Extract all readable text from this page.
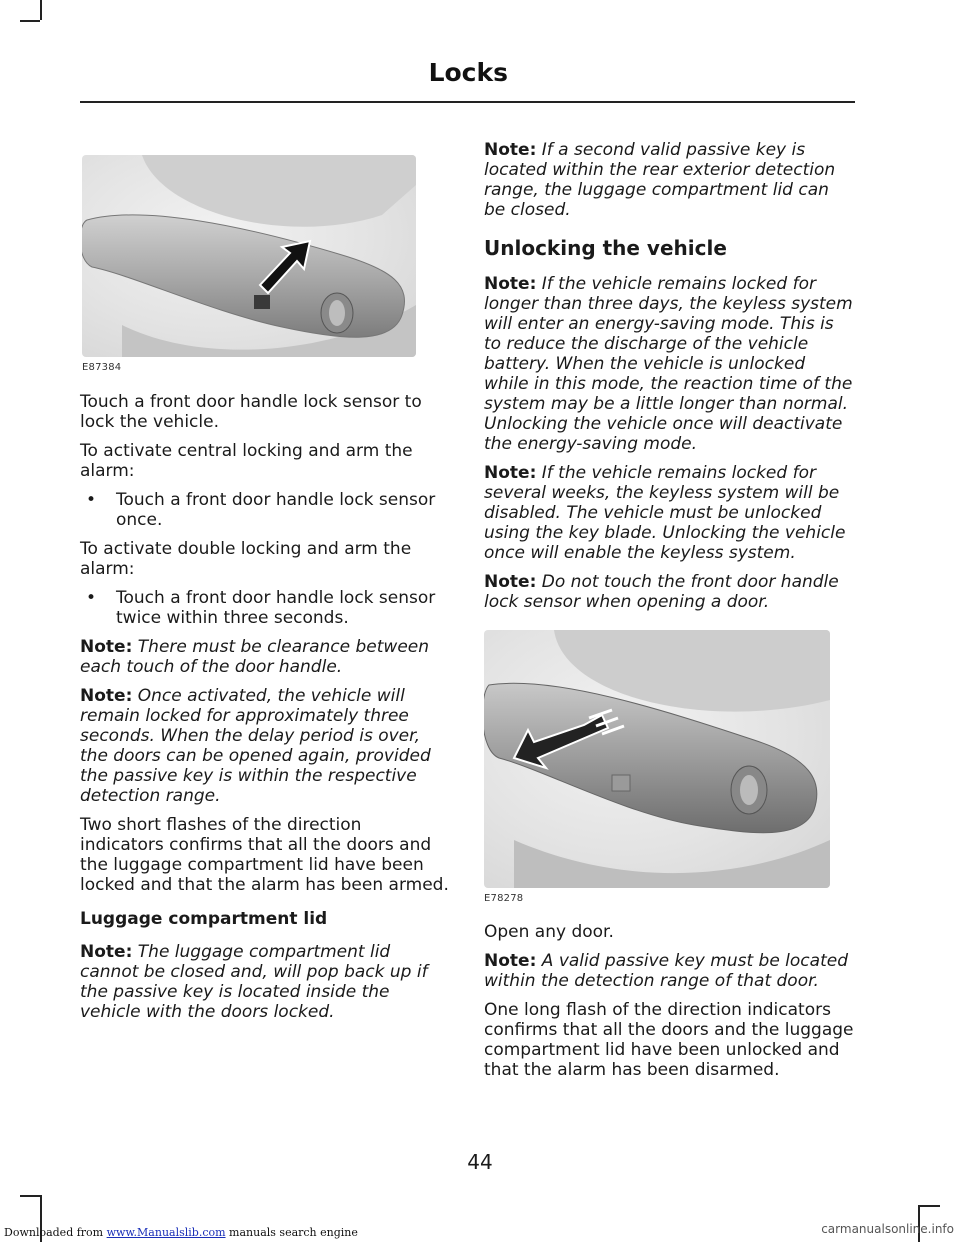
Locks
E87384

Touch a front door handle lock sensor to lock the vehicle.

To activate central locking and arm the alarm:

•	Touch a front door handle lock sensor once.

To activate double locking and arm the alarm:

•	Touch a front door handle lock sensor twice within three seconds.

Note: There must be clearance between each touch of the door handle.

Note: Once activated, the vehicle will remain locked for approximately three seconds. When the delay period is over, the doors can be opened again, provided the passive key is within the respective detection range.

Two short flashes of the direction indicators confirms that all the doors and the luggage compartment lid have been locked and that the alarm has been armed.

Luggage compartment lid

Note: The luggage compartment lid cannot be closed and, will pop back up if the passive key is located inside the vehicle with the doors locked.

Note: If a second valid passive key is located within the rear exterior detection range, the luggage compartment lid can be closed.

Unlocking the vehicle

Note: If the vehicle remains locked for longer than three days, the keyless system will enter an energy-saving mode. This is to reduce the discharge of the vehicle battery. When the vehicle is unlocked while in this mode, the reaction time of the system may be a little longer than normal. Unlocking the vehicle once will deactivate the energy-saving mode.

Note: If the vehicle remains locked for several weeks, the keyless system will be disabled. The vehicle must be unlocked using the key blade. Unlocking the vehicle once will enable the keyless system.

Note: Do not touch the front door handle lock sensor when opening a door.

E78278

Open any door.

Note: A valid passive key must be located within the detection range of that door.

One long flash of the direction indicators confirms that all the doors and the luggage compartment lid have been unlocked and that the alarm has been disarmed.

44
Downloaded from www.Manualslib.com manuals search engine	carmanualsonline.info
